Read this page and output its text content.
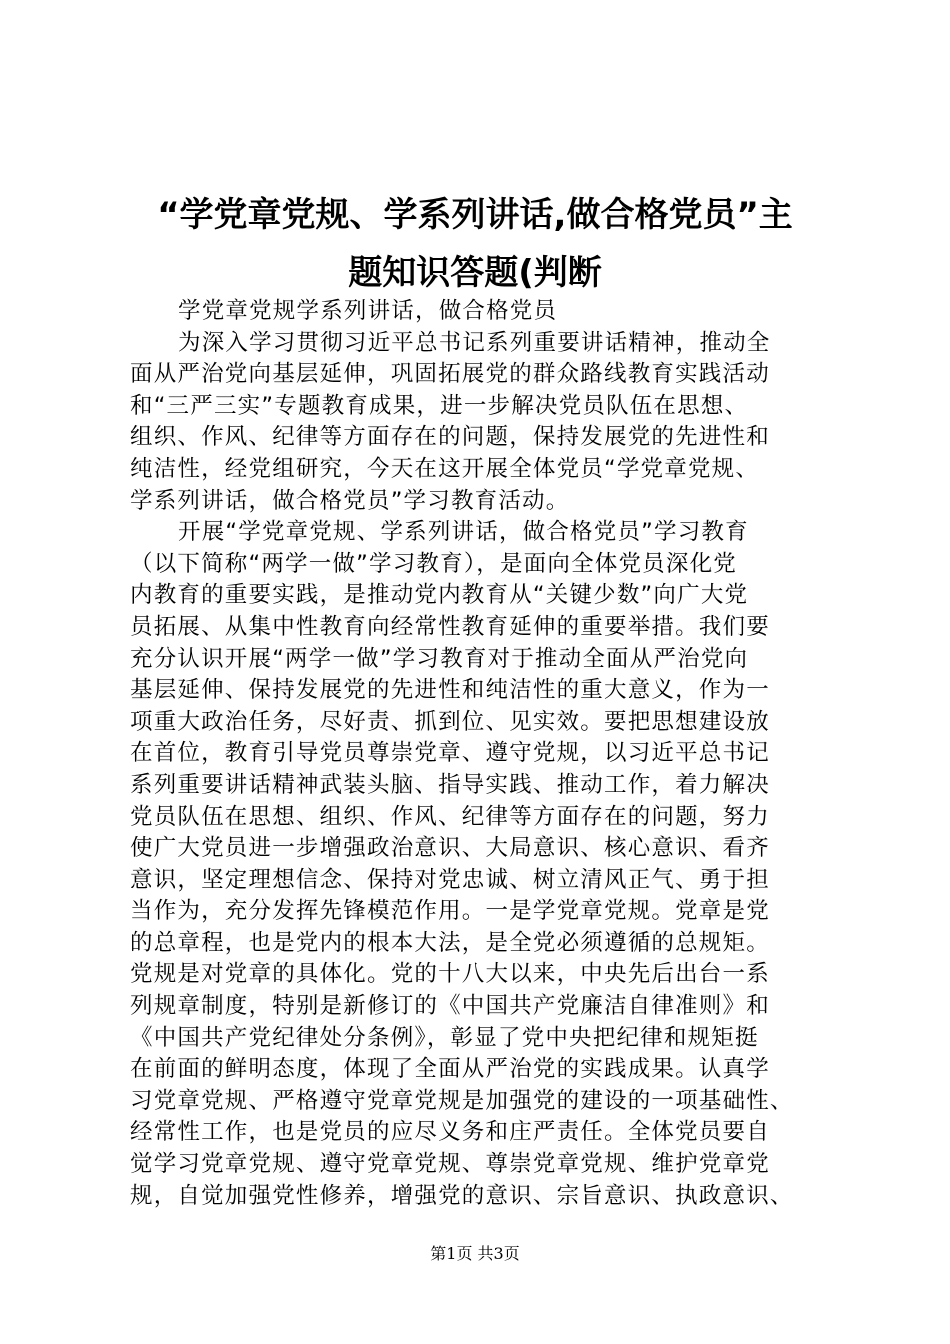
“学党章党规、学系列讲话,做合格党员”主
题知识答题(判断
学党章党规学系列讲话，做合格党员
为深入学习贯彻习近平总书记系列重要讲话精神，推动全
面从严治党向基层延伸，巩固拓展党的群众路线教育实践活动
和“三严三实”专题教育成果，进一步解决党员队伍在思想、
组织、作风、纪律等方面存在的问题，保持发展党的先进性和
纯洁性，经党组研究，今天在这开展全体党员“学党章党规、
学系列讲话，做合格党员”学习教育活动。
开展“学党章党规、学系列讲话，做合格党员”学习教育
（以下简称“两学一做”学习教育），是面向全体党员深化党
内教育的重要实践，是推动党内教育从“关键少数”向广大党
员拓展、从集中性教育向经常性教育延伸的重要举措。我们要
充分认识开展“两学一做”学习教育对于推动全面从严治党向
基层延伸、保持发展党的先进性和纯洁性的重大意义，作为一
项重大政治任务，尽好责、抓到位、见实效。要把思想建设放
在首位，教育引导党员尊崇党章、遵守党规，以习近平总书记
系列重要讲话精神武装头脑、指导实践、推动工作，着力解决
党员队伍在思想、组织、作风、纪律等方面存在的问题，努力
使广大党员进一步增强政治意识、大局意识、核心意识、看齐
意识，坚定理想信念、保持对党忠诚、树立清风正气、勇于担
当作为，充分发挥先锋模范作用。一是学党章党规。党章是党
的总章程，也是党内的根本大法，是全党必须遵循的总规矩。
党规是对党章的具体化。党的十八大以来，中央先后出台一系
列规章制度，特别是新修订的《中国共产党廉洁自律准则》和
《中国共产党纪律处分条例》，彰显了党中央把纪律和规矩挺
在前面的鲜明态度，体现了全面从严治党的实践成果。认真学
习党章党规、严格遵守党章党规是加强党的建设的一项基础性、
经常性工作，也是党员的应尽义务和庄严责任。全体党员要自
觉学习党章党规、遵守党章党规、尊崇党章党规、维护党章党
规，自觉加强党性修养，增强党的意识、宗旨意识、执政意识、
第1页 共3页
